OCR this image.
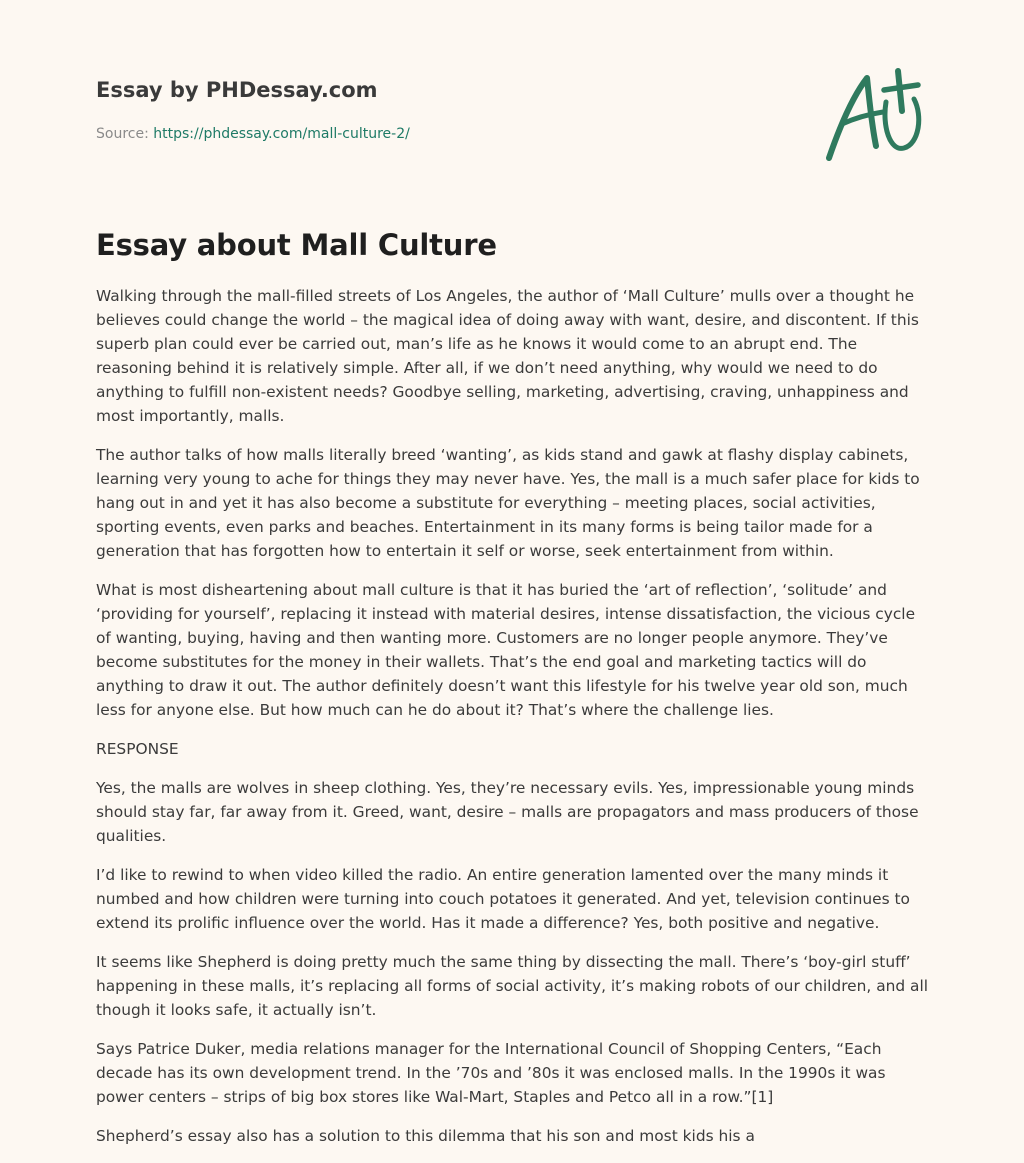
Essay by PHDessay.com

Source: https://phdessay.com/mall-culture-2/
Essay about Mall Culture

Walking through the mall-filled streets of Los Angeles, the author of ‘Mall Culture’ mulls over a thought he believes could change the world – the magical idea of doing away with want, desire, and discontent. If this superb plan could ever be carried out, man’s life as he knows it would come to an abrupt end. The reasoning behind it is relatively simple. After all, if we don’t need anything, why would we need to do anything to fulfill non-existent needs? Goodbye selling, marketing, advertising, craving, unhappiness and most importantly, malls.

The author talks of how malls literally breed ‘wanting’, as kids stand and gawk at flashy display cabinets, learning very young to ache for things they may never have. Yes, the mall is a much safer place for kids to hang out in and yet it has also become a substitute for everything – meeting places, social activities, sporting events, even parks and beaches. Entertainment in its many forms is being tailor made for a generation that has forgotten how to entertain it self or worse, seek entertainment from within.

What is most disheartening about mall culture is that it has buried the ‘art of reflection’, ‘solitude’ and ‘providing for yourself’, replacing it instead with material desires, intense dissatisfaction, the vicious cycle of wanting, buying, having and then wanting more. Customers are no longer people anymore. They’ve become substitutes for the money in their wallets. That’s the end goal and marketing tactics will do anything to draw it out. The author definitely doesn’t want this lifestyle for his twelve year old son, much less for anyone else. But how much can he do about it? That’s where the challenge lies.

RESPONSE

Yes, the malls are wolves in sheep clothing. Yes, they’re necessary evils. Yes, impressionable young minds should stay far, far away from it. Greed, want, desire – malls are propagators and mass producers of those qualities.

I’d like to rewind to when video killed the radio. An entire generation lamented over the many minds it numbed and how children were turning into couch potatoes it generated. And yet, television continues to extend its prolific influence over the world. Has it made a difference? Yes, both positive and negative.

It seems like Shepherd is doing pretty much the same thing by dissecting the mall. There’s ‘boy-girl stuff’ happening in these malls, it’s replacing all forms of social activity, it’s making robots of our children, and all though it looks safe, it actually isn’t.

Says Patrice Duker, media relations manager for the International Council of Shopping Centers, “Each decade has its own development trend. In the ’70s and ’80s it was enclosed malls. In the 1990s it was power centers – strips of big box stores like Wal-Mart, Staples and Petco all in a row.”[1]

Shepherd’s essay also has a solution to this dilemma that his son and most kids his a
